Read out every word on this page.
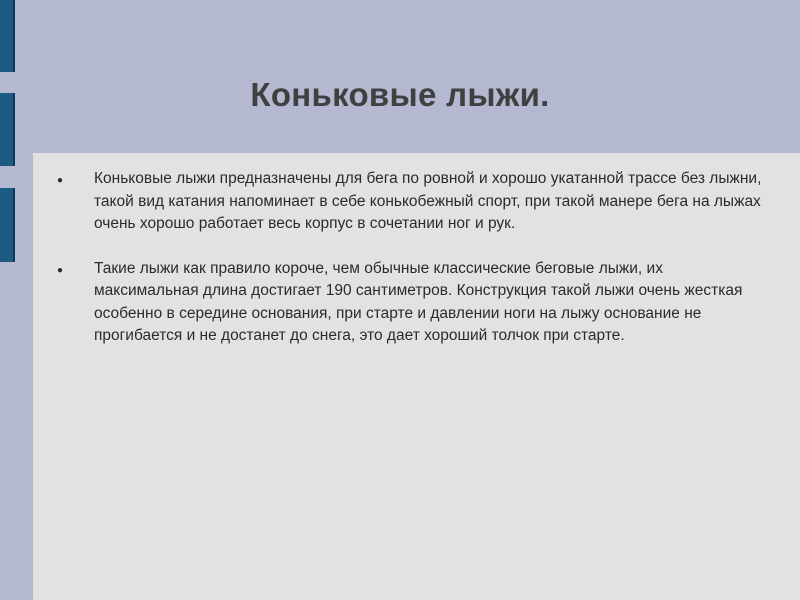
Коньковые лыжи.
● Коньковые лыжи предназначены для бега по ровной и хорошо укатанной трассе без лыжни, такой вид катания напоминает в себе конькобежный спорт, при такой манере бега на лыжах очень хорошо работает весь корпус в сочетании ног и рук.
● Такие лыжи как правило короче, чем обычные классические беговые лыжи, их максимальная длина достигает 190 сантиметров. Конструкция такой лыжи очень жесткая особенно в середине основания, при старте и давлении ноги на лыжу основание не прогибается и не достанет до снега, это дает хороший толчок при старте.
